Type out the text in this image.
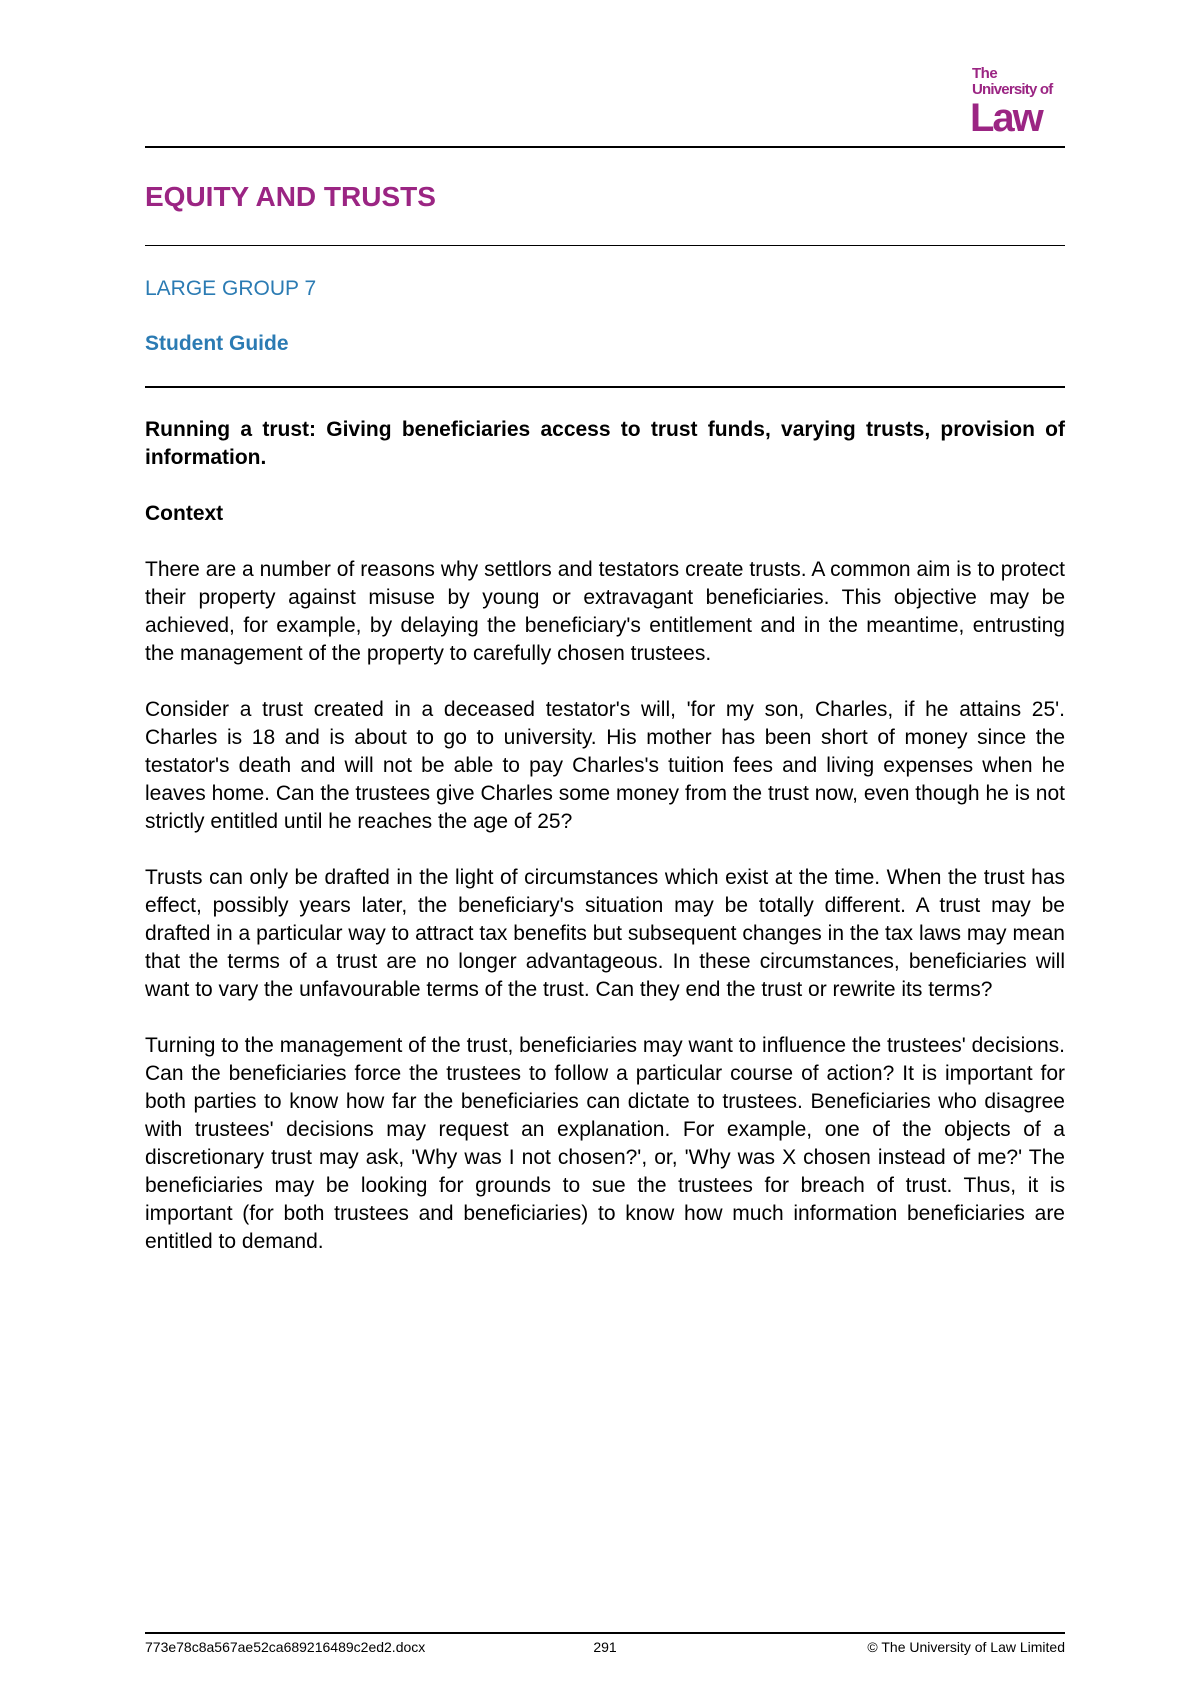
The
University of
Law
EQUITY AND TRUSTS
LARGE GROUP 7
Student Guide

Running a trust: Giving beneficiaries access to trust funds, varying trusts, provision of information.

Context

There are a number of reasons why settlors and testators create trusts. A common aim is to protect their property against misuse by young or extravagant beneficiaries. This objective may be achieved, for example, by delaying the beneficiary's entitlement and in the meantime, entrusting the management of the property to carefully chosen trustees.

Consider a trust created in a deceased testator's will, 'for my son, Charles, if he attains 25'. Charles is 18 and is about to go to university. His mother has been short of money since the testator's death and will not be able to pay Charles's tuition fees and living expenses when he leaves home. Can the trustees give Charles some money from the trust now, even though he is not strictly entitled until he reaches the age of 25?

Trusts can only be drafted in the light of circumstances which exist at the time. When the trust has effect, possibly years later, the beneficiary's situation may be totally different. A trust may be drafted in a particular way to attract tax benefits but subsequent changes in the tax laws may mean that the terms of a trust are no longer advantageous. In these circumstances, beneficiaries will want to vary the unfavourable terms of the trust. Can they end the trust or rewrite its terms?

Turning to the management of the trust, beneficiaries may want to influence the trustees' decisions. Can the beneficiaries force the trustees to follow a particular course of action? It is important for both parties to know how far the beneficiaries can dictate to trustees. Beneficiaries who disagree with trustees' decisions may request an explanation. For example, one of the objects of a discretionary trust may ask, 'Why was I not chosen?', or, 'Why was X chosen instead of me?' The beneficiaries may be looking for grounds to sue the trustees for breach of trust. Thus, it is important (for both trustees and beneficiaries) to know how much information beneficiaries are entitled to demand.

773e78c8a567ae52ca689216489c2ed2.docx	291	© The University of Law Limited
